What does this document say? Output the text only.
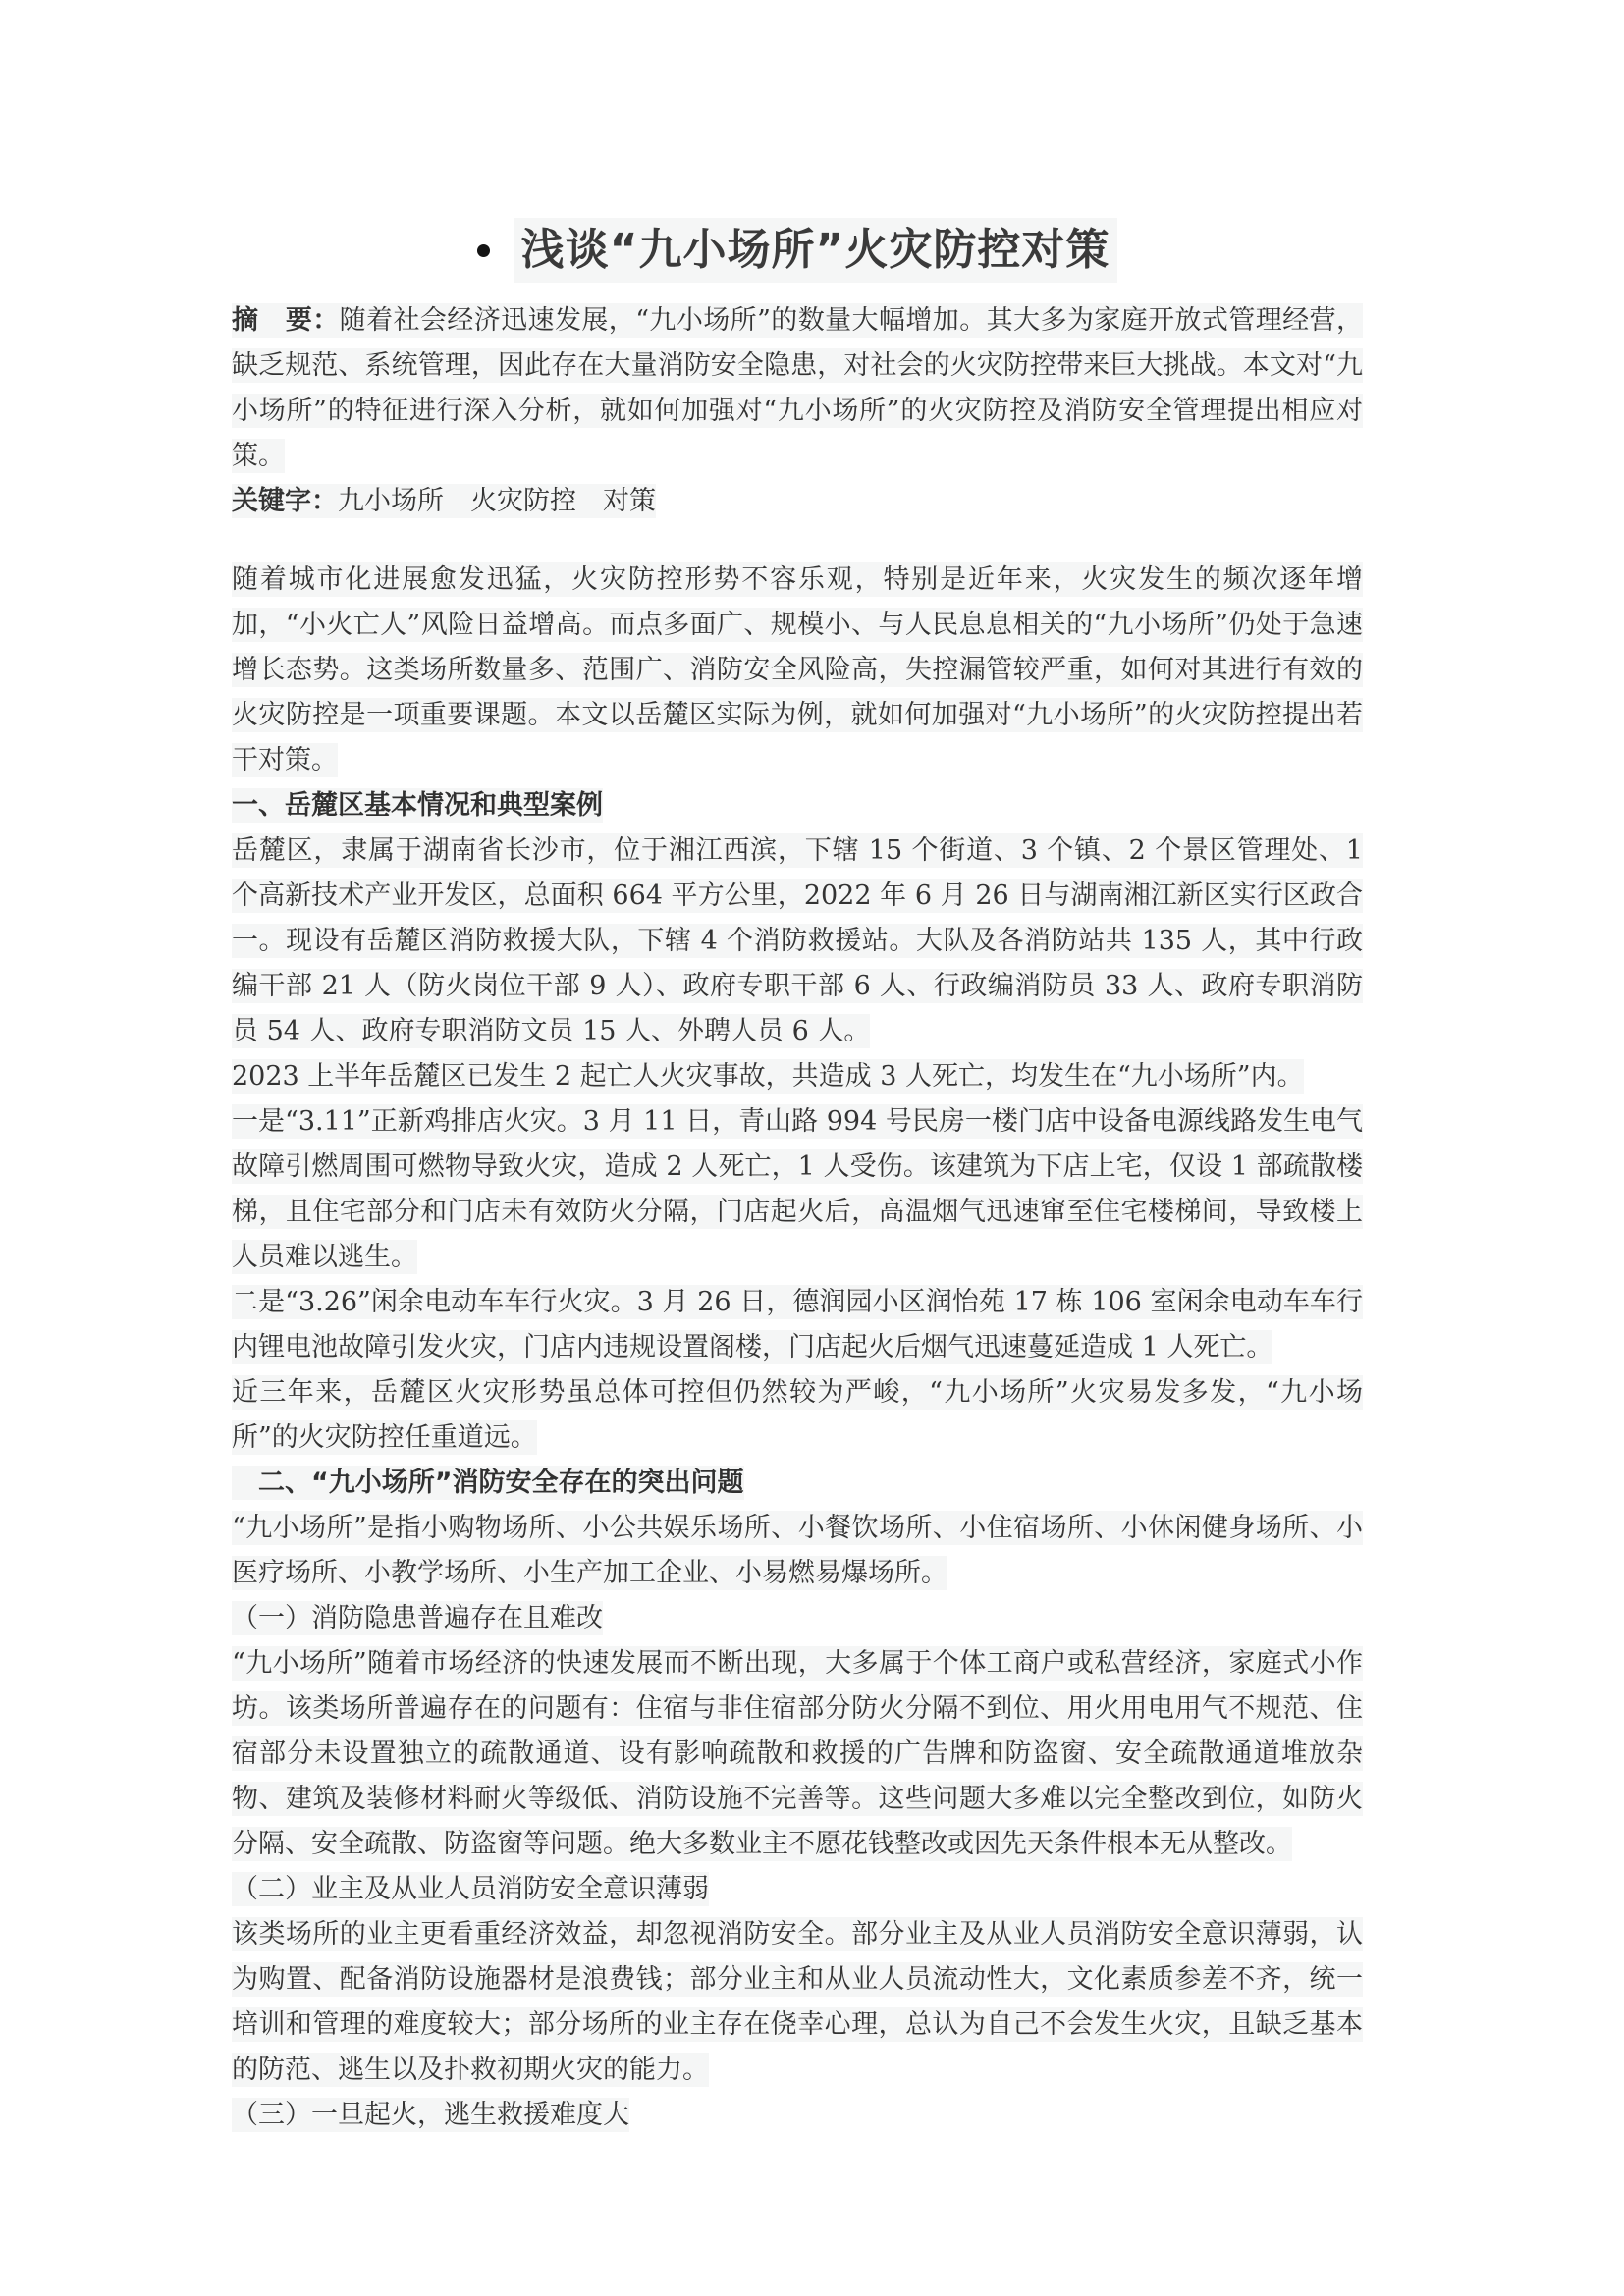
浅谈“九小场所”火灾防控对策

摘　要：随着社会经济迅速发展，“九小场所”的数量大幅增加。其大多为家庭开放式管理经营，缺乏规范、系统管理，因此存在大量消防安全隐患，对社会的火灾防控带来巨大挑战。本文对“九小场所”的特征进行深入分析，就如何加强对“九小场所”的火灾防控及消防安全管理提出相应对策。

关键字：九小场所　火灾防控　对策

随着城市化进展愈发迅猛，火灾防控形势不容乐观，特别是近年来，火灾发生的频次逐年增加，“小火亡人”风险日益增高。而点多面广、规模小、与人民息息相关的“九小场所”仍处于急速增长态势。这类场所数量多、范围广、消防安全风险高，失控漏管较严重，如何对其进行有效的火灾防控是一项重要课题。本文以岳麓区实际为例，就如何加强对“九小场所”的火灾防控提出若干对策。

一、岳麓区基本情况和典型案例

岳麓区，隶属于湖南省长沙市，位于湘江西滨，下辖 15 个街道、3 个镇、2 个景区管理处、1 个高新技术产业开发区，总面积 664 平方公里，2022 年 6 月 26 日与湖南湘江新区实行区政合一。现设有岳麓区消防救援大队，下辖 4 个消防救援站。大队及各消防站共 135 人，其中行政编干部 21 人（防火岗位干部 9 人）、政府专职干部 6 人、行政编消防员 33 人、政府专职消防员 54 人、政府专职消防文员 15 人、外聘人员 6 人。

2023 上半年岳麓区已发生 2 起亡人火灾事故，共造成 3 人死亡，均发生在“九小场所”内。

一是“3.11”正新鸡排店火灾。3 月 11 日，青山路 994 号民房一楼门店中设备电源线路发生电气故障引燃周围可燃物导致火灾，造成 2 人死亡，1 人受伤。该建筑为下店上宅，仅设 1 部疏散楼梯，且住宅部分和门店未有效防火分隔，门店起火后，高温烟气迅速窜至住宅楼梯间，导致楼上人员难以逃生。

二是“3.26”闲余电动车车行火灾。3 月 26 日，德润园小区润怡苑 17 栋 106 室闲余电动车车行内锂电池故障引发火灾，门店内违规设置阁楼，门店起火后烟气迅速蔓延造成 1 人死亡。

近三年来，岳麓区火灾形势虽总体可控但仍然较为严峻，“九小场所”火灾易发多发，“九小场所”的火灾防控任重道远。

　二、“九小场所”消防安全存在的突出问题

“九小场所”是指小购物场所、小公共娱乐场所、小餐饮场所、小住宿场所、小休闲健身场所、小医疗场所、小教学场所、小生产加工企业、小易燃易爆场所。

（一）消防隐患普遍存在且难改

“九小场所”随着市场经济的快速发展而不断出现，大多属于个体工商户或私营经济，家庭式小作坊。该类场所普遍存在的问题有：住宿与非住宿部分防火分隔不到位、用火用电用气不规范、住宿部分未设置独立的疏散通道、设有影响疏散和救援的广告牌和防盗窗、安全疏散通道堆放杂物、建筑及装修材料耐火等级低、消防设施不完善等。这些问题大多难以完全整改到位，如防火分隔、安全疏散、防盗窗等问题。绝大多数业主不愿花钱整改或因先天条件根本无从整改。

（二）业主及从业人员消防安全意识薄弱

该类场所的业主更看重经济效益，却忽视消防安全。部分业主及从业人员消防安全意识薄弱，认为购置、配备消防设施器材是浪费钱；部分业主和从业人员流动性大，文化素质参差不齐，统一培训和管理的难度较大；部分场所的业主存在侥幸心理，总认为自己不会发生火灾，且缺乏基本的防范、逃生以及扑救初期火灾的能力。

（三）一旦起火，逃生救援难度大
